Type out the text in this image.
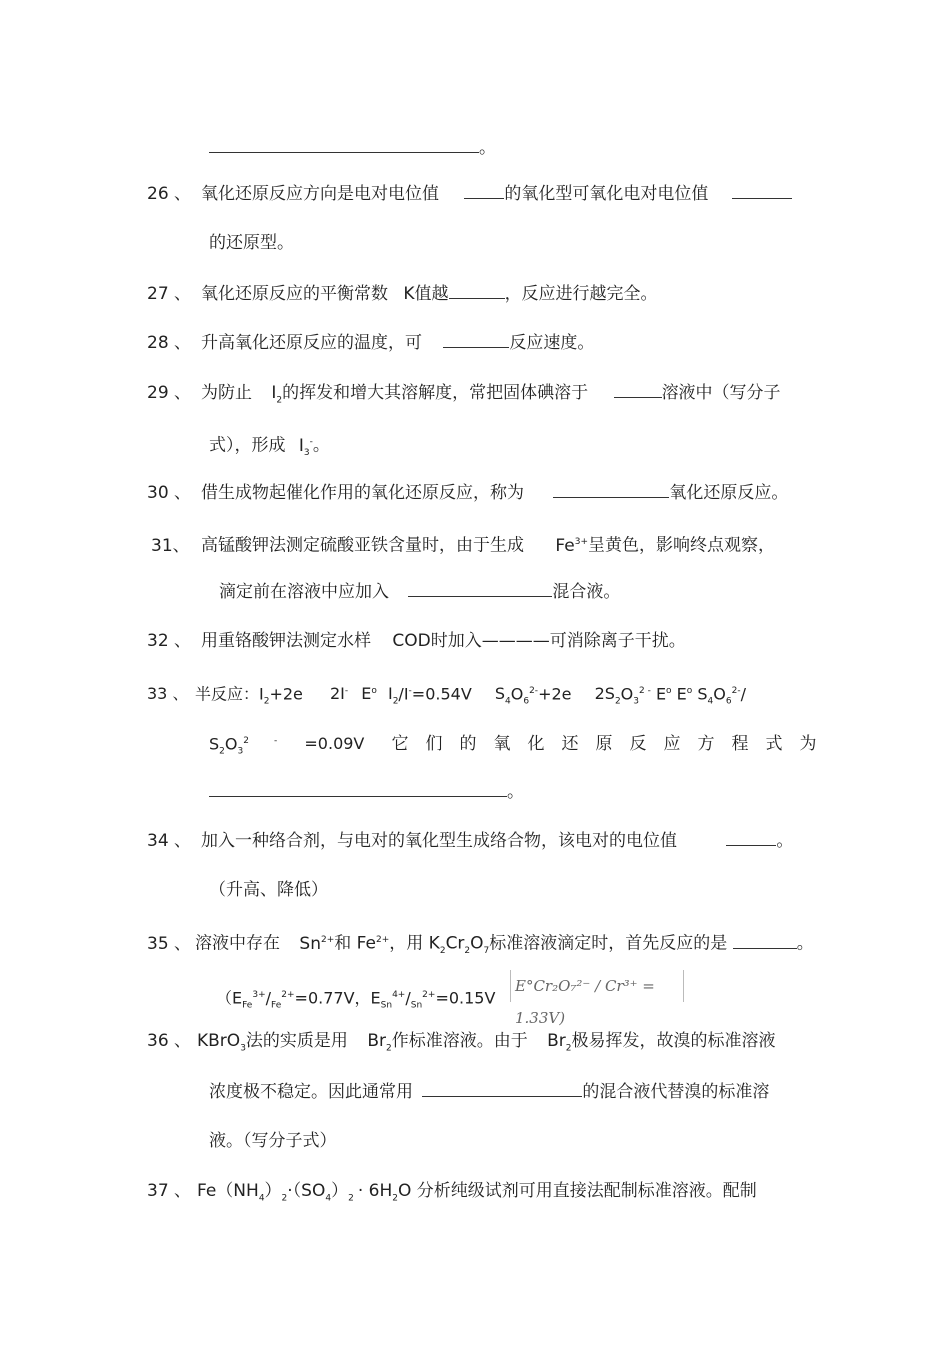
。
26 、 氧化还原反应方向是电对电位值	的氧化型可氧化电对电位值
的还原型。
27 、 氧化还原反应的平衡常数 K值越	，反应进行越完全。
28 、 升高氧化还原反应的温度，可	反应速度。
29 、 为防止 $I_2$的挥发和增大其溶解度，常把固体碘溶于	溶液中（写分子
式），形成 $I_3^-$。
30 、 借生成物起催化作用的氧化还原反应，称为	氧化还原反应。
31、 高锰酸钾法测定硫酸亚铁含量时，由于生成 $Fe^{3+}$呈黄色，影响终点观察，
滴定前在溶液中应加入	混合液。
32 、 用重铬酸钾法测定水样 COD时加入————可消除离子干扰。
33 、 半反应：$I_2+2e$ 2I- $E^o$ $I_2/I^-=0.54V$ $S_4O_6^{2-}+2e$ $2S_2O_3^{2 -}$ $E^o$ $E^o$ $S_4O_6^{2-}/$
$S_2O_3^2$	- =0.09V 它们的氧化还原反应方程式为
。
34 、 加入一种络合剂，与电对的氧化型生成络合物，该电对的电位值	。
（升高、降低）
35 、 溶液中存在 $Sn^{2+}$和 $Fe^{2+}$，用 $K_2Cr_2O_7$标准溶液滴定时，首先反应的是	。
（$E_{Fe}^{3+}/_{Fe}^{2+}=0.77V$，$E_{Sn}^{4+}/_{Sn}^{2+}=0.15V$
E°Cr₂O₇²⁻ / Cr³⁺ = 1.33V)
36 、 KBrO$_3$法的实质是用 $Br_2$作标准溶液。由于 $Br_2$极易挥发，故溴的标准溶液
浓度极不稳定。因此通常用	的混合液代替溴的标准溶
液。（写分子式）
37 、 $Fe(NH_4)_2\cdot(SO_4)_2 \cdot 6H_2O$ 分析纯级试剂可用直接法配制标准溶液。配制
